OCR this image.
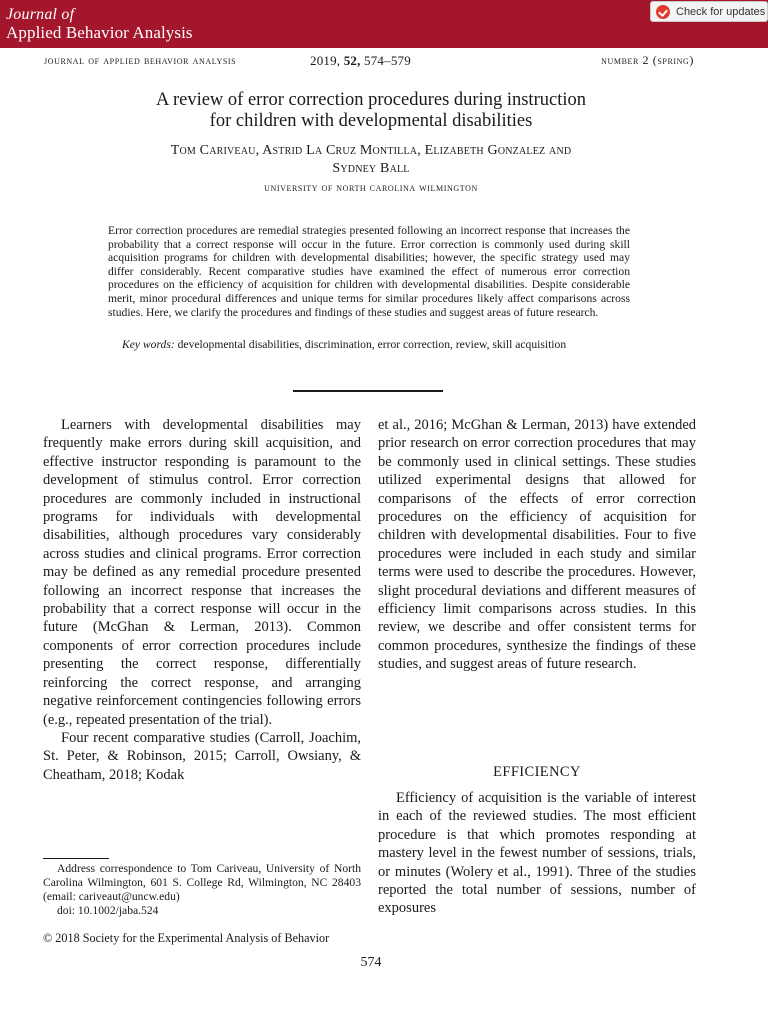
Journal of
Applied Behavior Analysis
Check for updates
journal of applied behavior analysis	2019, 52, 574–579	number 2 (spring)
A review of error correction procedures during instruction
for children with developmental disabilities
Tom Cariveau, Astrid La Cruz Montilla, Elizabeth Gonzalez and
Sydney Ball
university of north carolina wilmington

Error correction procedures are remedial strategies presented following an incorrect response that increases the probability that a correct response will occur in the future. Error correction is commonly used during skill acquisition programs for children with developmental disabilities; however, the specific strategy used may differ considerably. Recent comparative studies have examined the effect of numerous error correction procedures on the efficiency of acquisition for children with developmental disabilities. Despite considerable merit, minor procedural differences and unique terms for similar procedures likely affect comparisons across studies. Here, we clarify the procedures and findings of these studies and suggest areas of future research.

Key words: developmental disabilities, discrimination, error correction, review, skill acquisition

Learners with developmental disabilities may frequently make errors during skill acquisition, and effective instructor responding is paramount to the development of stimulus control. Error correction procedures are commonly included in instructional programs for individuals with developmental disabilities, although procedures vary considerably across studies and clinical programs. Error correction may be defined as any remedial procedure presented following an incorrect response that increases the probability that a correct response will occur in the future (McGhan & Lerman, 2013). Common components of error correction procedures include presenting the correct response, differentially reinforcing the correct response, and arranging negative reinforcement contingencies following errors (e.g., repeated presentation of the trial).

Four recent comparative studies (Carroll, Joachim, St. Peter, & Robinson, 2015; Carroll, Owsiany, & Cheatham, 2018; Kodak

et al., 2016; McGhan & Lerman, 2013) have extended prior research on error correction procedures that may be commonly used in clinical settings. These studies utilized experimental designs that allowed for comparisons of the effects of error correction procedures on the efficiency of acquisition for children with developmental disabilities. Four to five procedures were included in each study and similar terms were used to describe the procedures. However, slight procedural deviations and different measures of efficiency limit comparisons across studies. In this review, we describe and offer consistent terms for common procedures, synthesize the findings of these studies, and suggest areas of future research.

EFFICIENCY

Efficiency of acquisition is the variable of interest in each of the reviewed studies. The most efficient procedure is that which promotes responding at mastery level in the fewest number of sessions, trials, or minutes (Wolery et al., 1991). Three of the studies reported the total number of sessions, number of exposures

Address correspondence to Tom Cariveau, University of North Carolina Wilmington, 601 S. College Rd, Wilmington, NC 28403 (email: cariveaut@uncw.edu)
doi: 10.1002/jaba.524
© 2018 Society for the Experimental Analysis of Behavior
574
